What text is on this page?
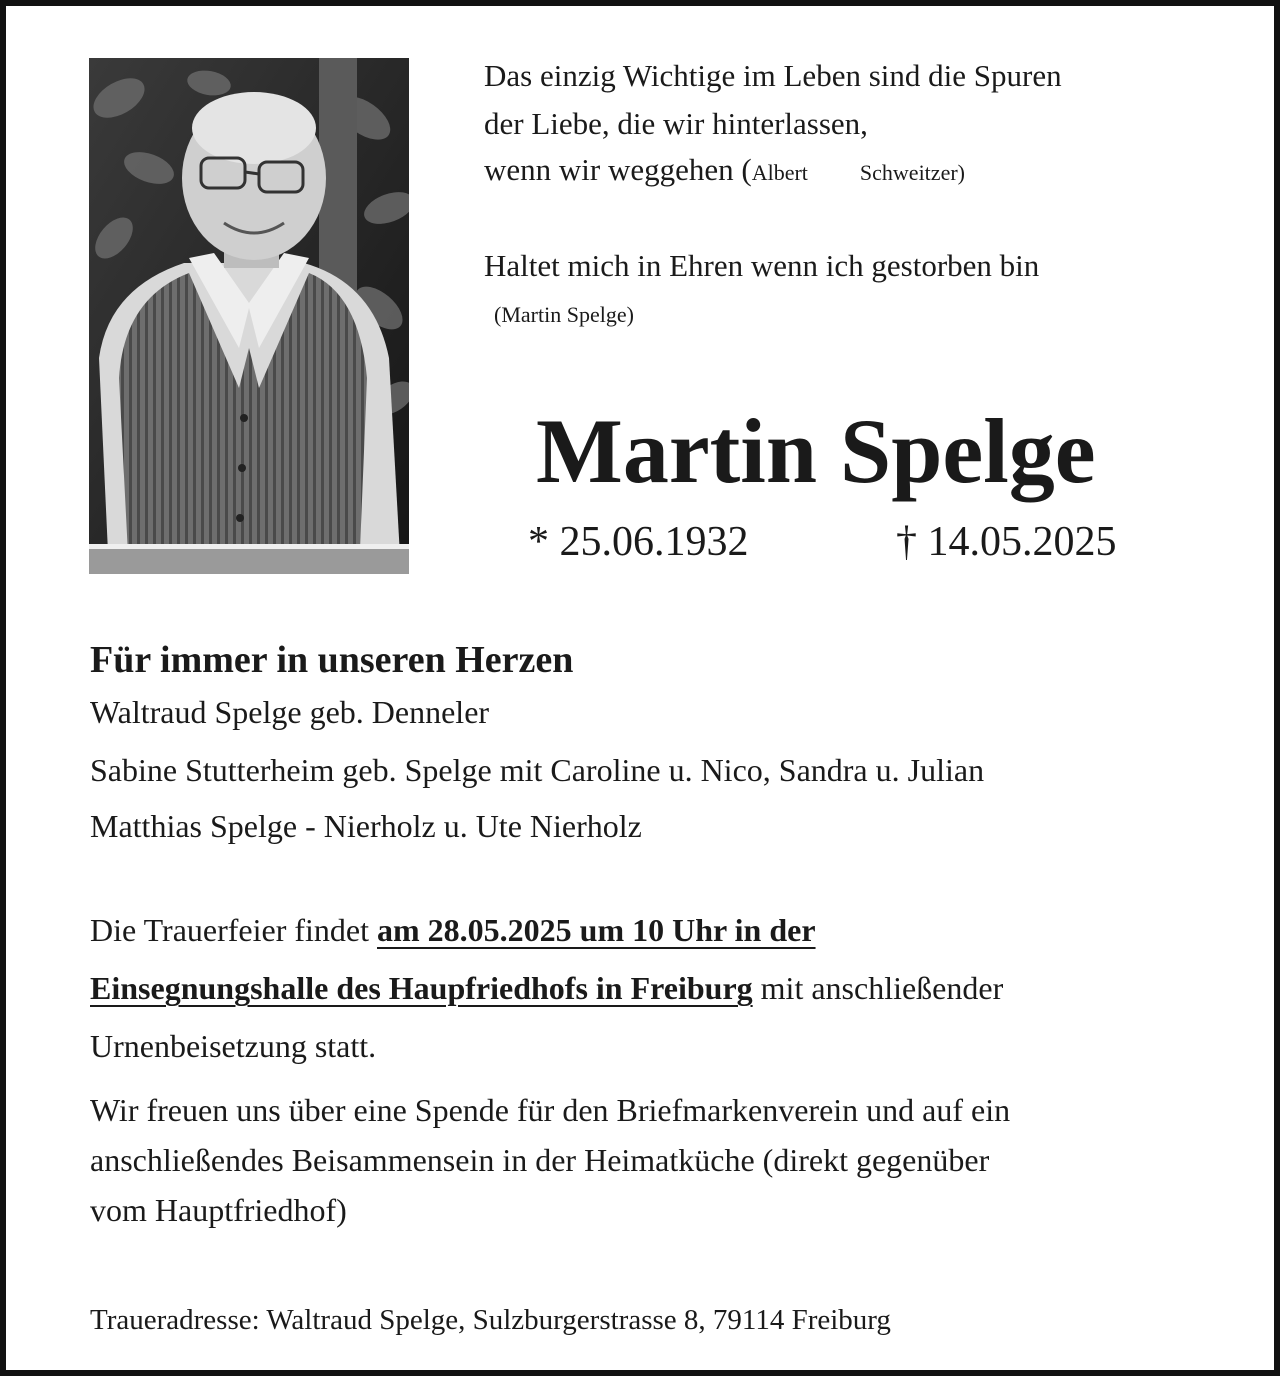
Das einzig Wichtige im Leben sind die Spuren
der Liebe, die wir hinterlassen,
wenn wir weggehen (Albert Schweitzer)
Haltet mich in Ehren wenn ich gestorben bin
(Martin Spelge)
Martin Spelge
* 25.06.1932	† 14.05.2025
Für immer in unseren Herzen
Waltraud Spelge geb. Denneler
Sabine Stutterheim geb. Spelge mit Caroline u. Nico, Sandra u. Julian
Matthias Spelge - Nierholz u. Ute Nierholz
Die Trauerfeier findet am 28.05.2025 um 10 Uhr in der
Einsegnungshalle des Haupfriedhofs in Freiburg mit anschließender
Urnenbeisetzung statt.
Wir freuen uns über eine Spende für den Briefmarkenverein und auf ein
anschließendes Beisammensein in der Heimatküche (direkt gegenüber
vom Hauptfriedhof)
Traueradresse: Waltraud Spelge, Sulzburgerstrasse 8, 79114 Freiburg
